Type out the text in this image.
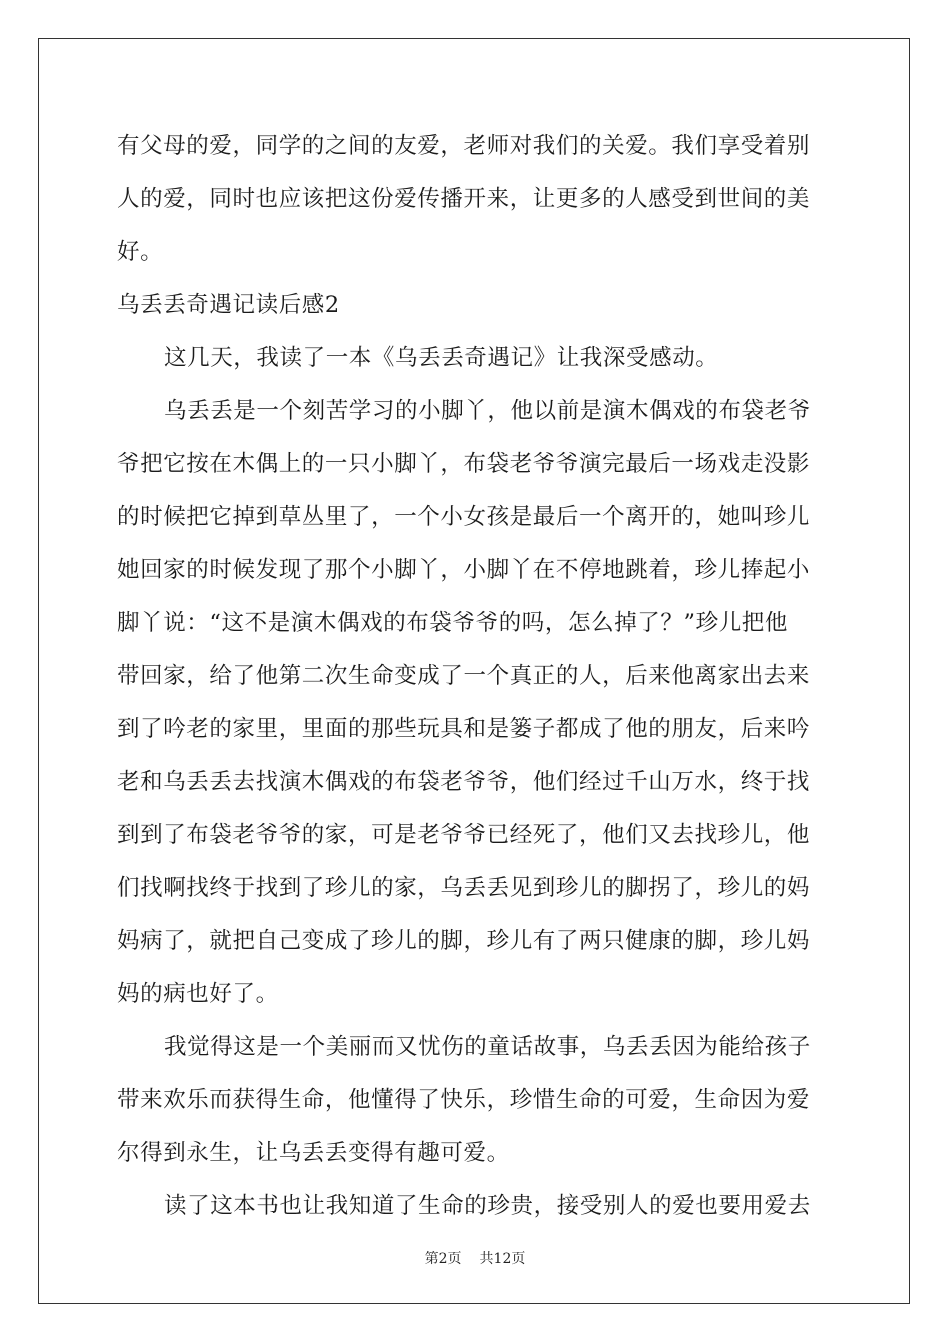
有父母的爱，同学的之间的友爱，老师对我们的关爱。我们享受着别
人的爱，同时也应该把这份爱传播开来，让更多的人感受到世间的美
好。
乌丢丢奇遇记读后感2
这几天，我读了一本《乌丢丢奇遇记》让我深受感动。
乌丢丢是一个刻苦学习的小脚丫，他以前是演木偶戏的布袋老爷
爷把它按在木偶上的一只小脚丫，布袋老爷爷演完最后一场戏走没影
的时候把它掉到草丛里了，一个小女孩是最后一个离开的，她叫珍儿
她回家的时候发现了那个小脚丫，小脚丫在不停地跳着，珍儿捧起小
脚丫说：“这不是演木偶戏的布袋爷爷的吗，怎么掉了？”珍儿把他
带回家，给了他第二次生命变成了一个真正的人，后来他离家出去来
到了吟老的家里，里面的那些玩具和是篓子都成了他的朋友，后来吟
老和乌丢丢去找演木偶戏的布袋老爷爷，他们经过千山万水，终于找
到到了布袋老爷爷的家，可是老爷爷已经死了，他们又去找珍儿，他
们找啊找终于找到了珍儿的家，乌丢丢见到珍儿的脚拐了，珍儿的妈
妈病了，就把自己变成了珍儿的脚，珍儿有了两只健康的脚，珍儿妈
妈的病也好了。
我觉得这是一个美丽而又忧伤的童话故事，乌丢丢因为能给孩子
带来欢乐而获得生命，他懂得了快乐，珍惜生命的可爱，生命因为爱
尔得到永生，让乌丢丢变得有趣可爱。
读了这本书也让我知道了生命的珍贵，接受别人的爱也要用爱去
第2页 共12页
